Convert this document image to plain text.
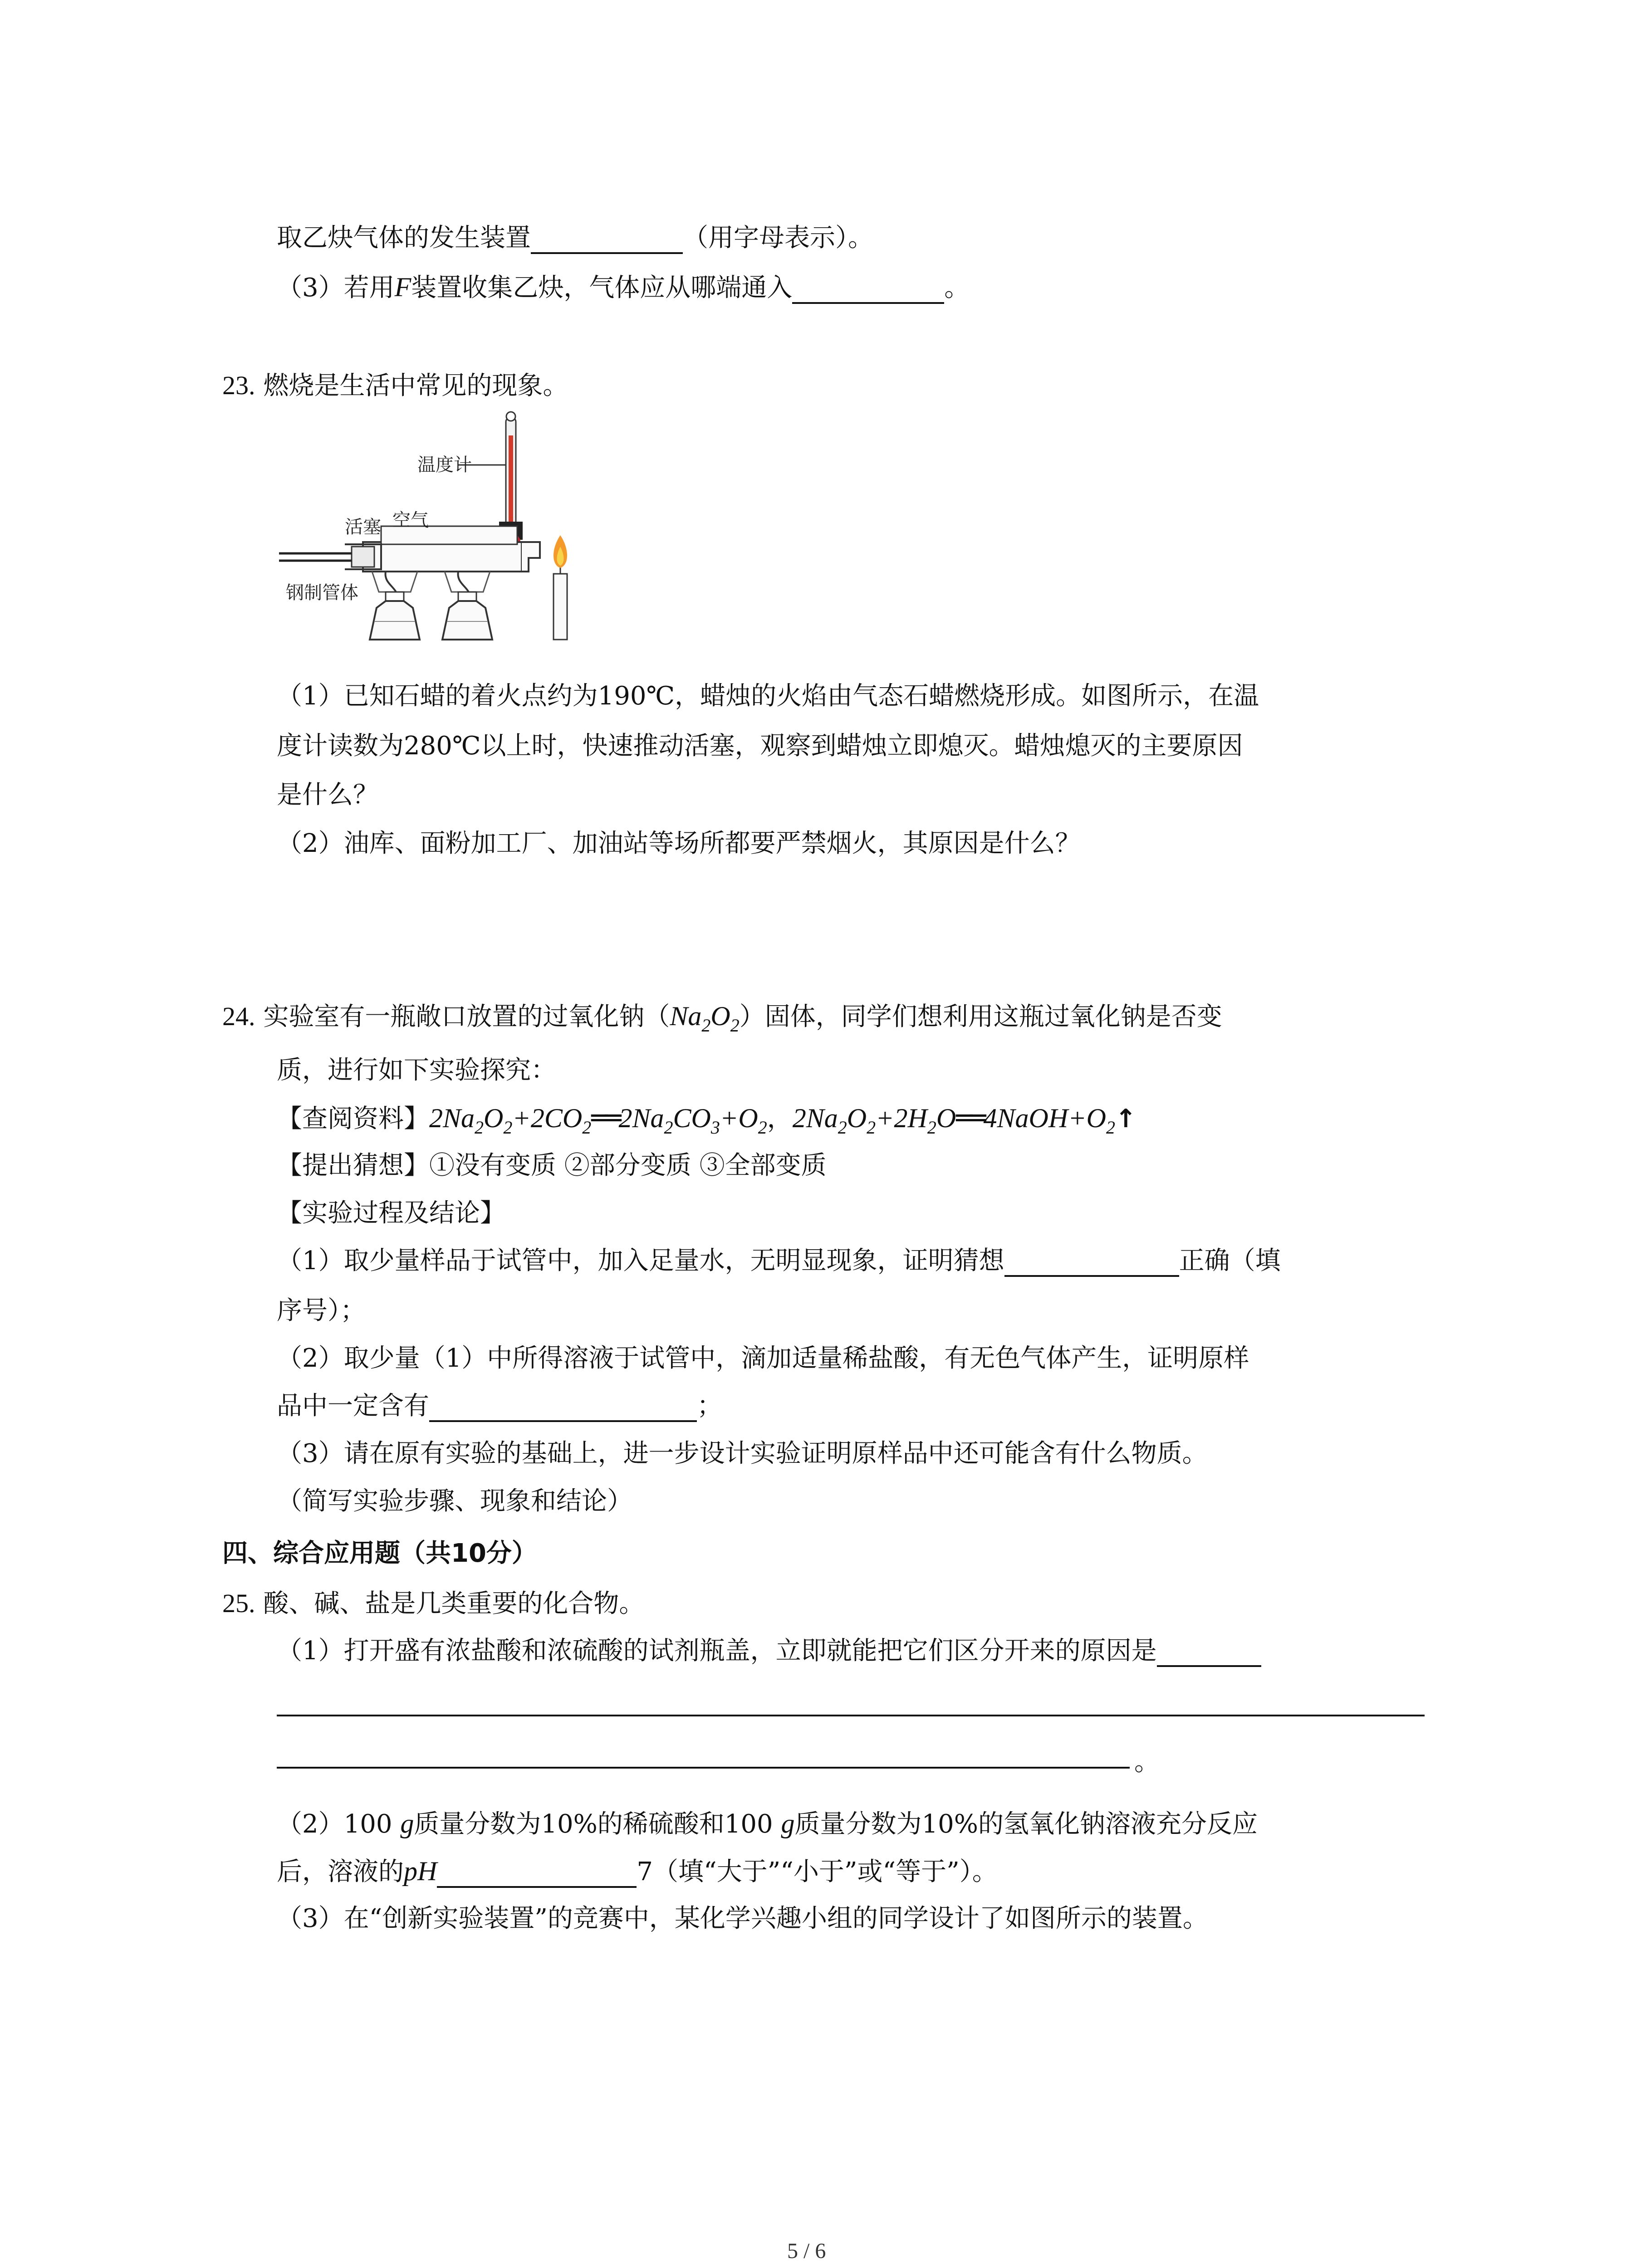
取乙炔气体的发生装置	（用字母表示）。
（3）若用F装置收集乙炔，气体应从哪端通入	。
23. 燃烧是生活中常见的现象。
温度计
活塞 空气
钢制管体
（1）已知石蜡的着火点约为190℃，蜡烛的火焰由气态石蜡燃烧形成。如图所示，在温
度计读数为280℃以上时，快速推动活塞，观察到蜡烛立即熄灭。蜡烛熄灭的主要原因
是什么？
（2）油库、面粉加工厂、加油站等场所都要严禁烟火，其原因是什么？
24. 实验室有一瓶敞口放置的过氧化钠$(Na_2O_2)$固体，同学们想利用这瓶过氧化钠是否变
质，进行如下实验探究：
【查阅资料】$2Na_2O_2+2CO_2══2Na_2CO_3+O_2$，$2Na_2O_2+2H_2O══4NaOH+O_2↑$
【提出猜想】①没有变质 ②部分变质 ③全部变质
【实验过程及结论】
（1）取少量样品于试管中，加入足量水，无明显现象，证明猜想	正确（填
序号）；
（2）取少量（1）中所得溶液于试管中，滴加适量稀盐酸，有无色气体产生，证明原样
品中一定含有	；
（3）请在原有实验的基础上，进一步设计实验证明原样品中还可能含有什么物质。
（简写实验步骤、现象和结论）
四、综合应用题（共10分）
25. 酸、碱、盐是几类重要的化合物。
（1）打开盛有浓盐酸和浓硫酸的试剂瓶盖，立即就能把它们区分开来的原因是
。
（2）100 g质量分数为10%的稀硫酸和100 g质量分数为10%的氢氧化钠溶液充分反应
后，溶液的pH	7（填“大于”“小于”或“等于”）。
（3）在“创新实验装置”的竞赛中，某化学兴趣小组的同学设计了如图所示的装置。
5 / 6
